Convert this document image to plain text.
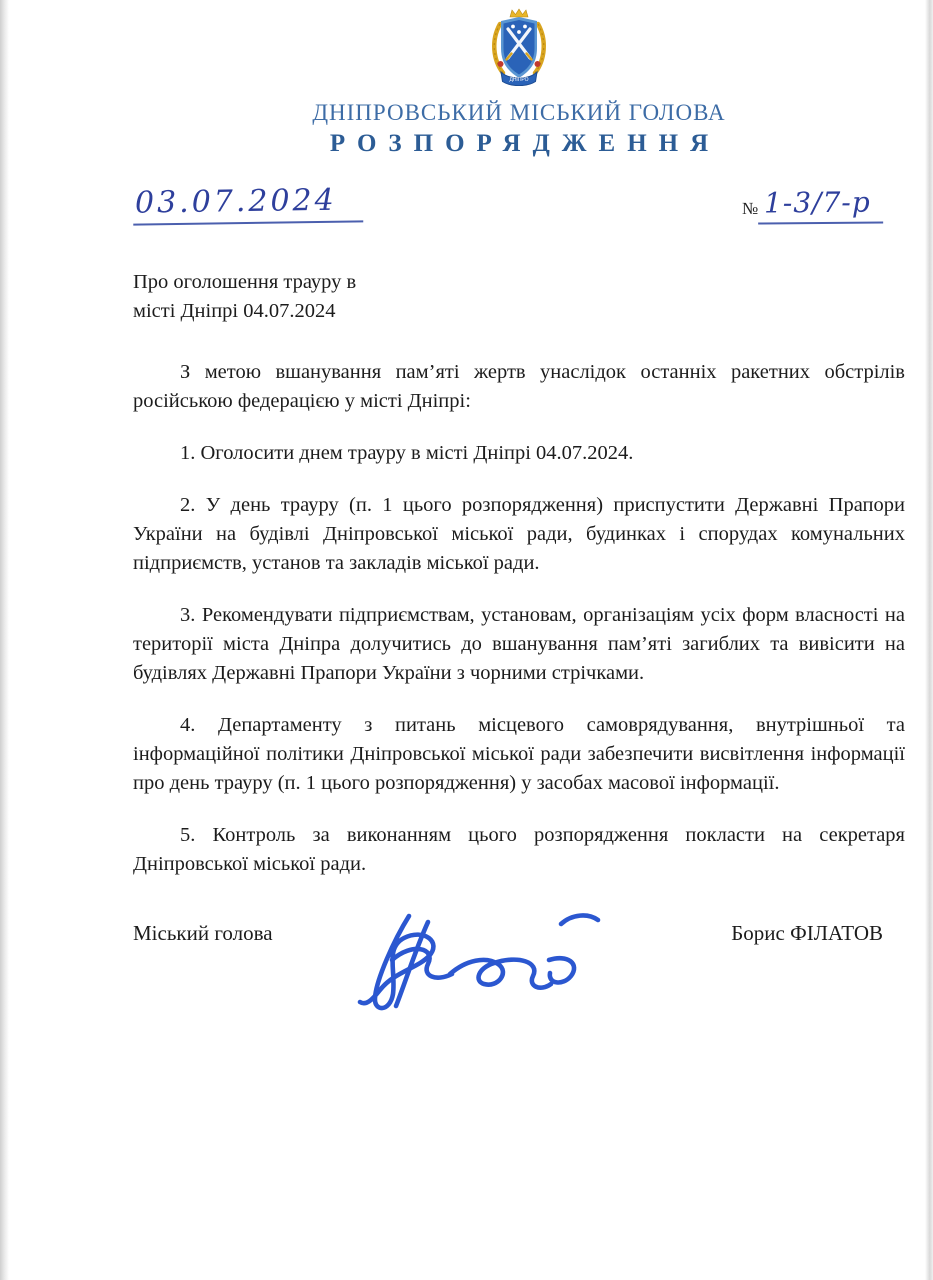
ДНІПРО
ДНІПРОВСЬКИЙ МІСЬКИЙ ГОЛОВА
РОЗПОРЯДЖЕННЯ
03.07.2024	№ 1-3/7-р
Про оголошення трауру в
місті Дніпрі 04.07.2024

З метою вшанування пам’яті жертв унаслідок останніх ракетних обстрілів російською федерацією у місті Дніпрі:

1. Оголосити днем трауру в місті Дніпрі 04.07.2024.

2. У день трауру (п. 1 цього розпорядження) приспустити Державні Прапори України на будівлі Дніпровської міської ради, будинках і спорудах комунальних підприємств, установ та закладів міської ради.

3. Рекомендувати підприємствам, установам, організаціям усіх форм власності на території міста Дніпра долучитись до вшанування пам’яті загиблих та вивісити на будівлях Державні Прапори України з чорними стрічками.

4. Департаменту з питань місцевого самоврядування, внутрішньої та інформаційної політики Дніпровської міської ради забезпечити висвітлення інформації про день трауру (п. 1 цього розпорядження) у засобах масової інформації.

5. Контроль за виконанням цього розпорядження покласти на секретаря Дніпровської міської ради.

Міський голова	Борис ФІЛАТОВ
